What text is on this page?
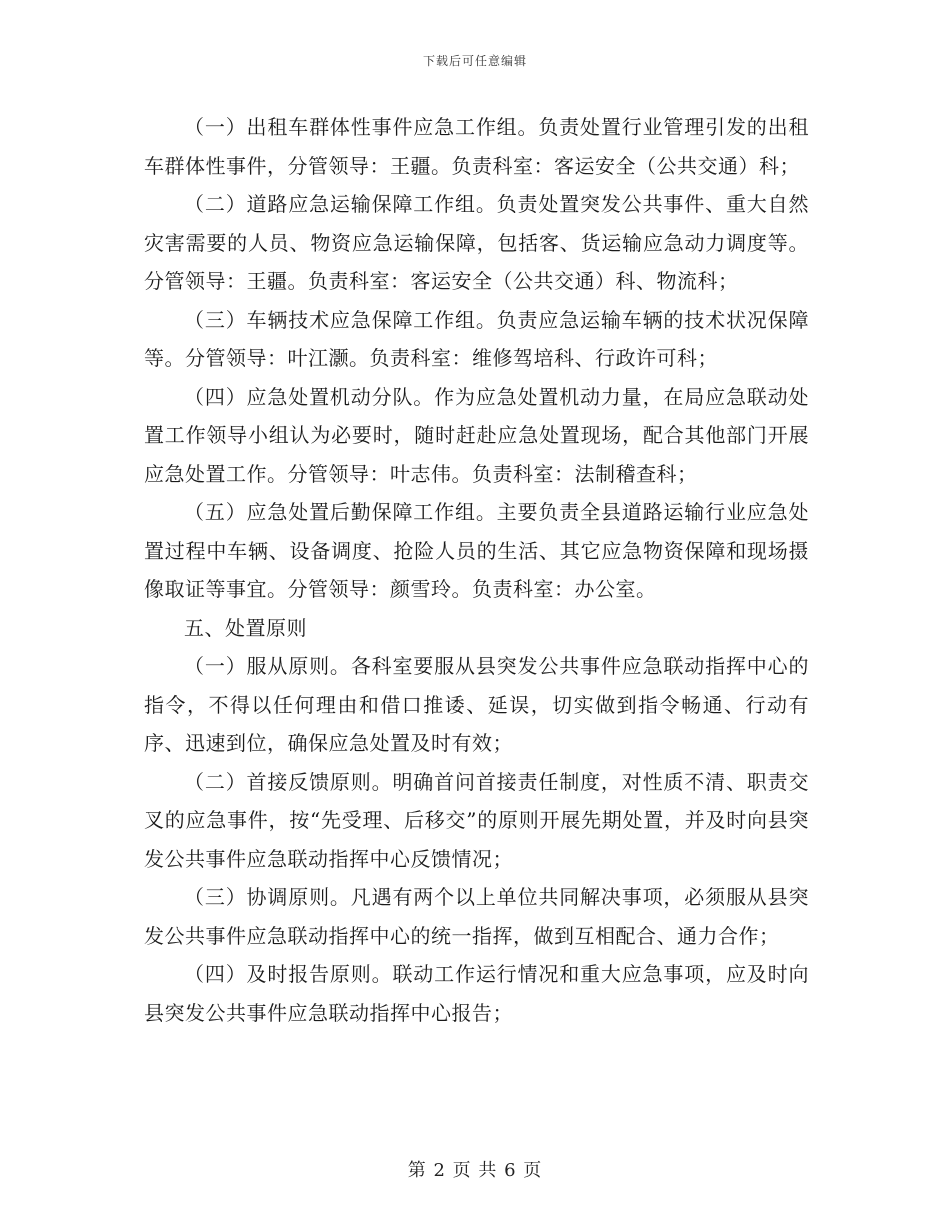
下载后可任意编辑

（一）出租车群体性事件应急工作组。负责处置行业管理引发的出租车群体性事件，分管领导：王疆。负责科室：客运安全（公共交通）科；

（二）道路应急运输保障工作组。负责处置突发公共事件、重大自然灾害需要的人员、物资应急运输保障，包括客、货运输应急动力调度等。分管领导：王疆。负责科室：客运安全（公共交通）科、物流科；

（三）车辆技术应急保障工作组。负责应急运输车辆的技术状况保障等。分管领导：叶江灏。负责科室：维修驾培科、行政许可科；

（四）应急处置机动分队。作为应急处置机动力量，在局应急联动处置工作领导小组认为必要时，随时赶赴应急处置现场，配合其他部门开展应急处置工作。分管领导：叶志伟。负责科室：法制稽查科；

（五）应急处置后勤保障工作组。主要负责全县道路运输行业应急处置过程中车辆、设备调度、抢险人员的生活、其它应急物资保障和现场摄像取证等事宜。分管领导：颜雪玲。负责科室：办公室。

五、处置原则

（一）服从原则。各科室要服从县突发公共事件应急联动指挥中心的指令，不得以任何理由和借口推诿、延误，切实做到指令畅通、行动有序、迅速到位，确保应急处置及时有效；

（二）首接反馈原则。明确首问首接责任制度，对性质不清、职责交叉的应急事件，按“先受理、后移交”的原则开展先期处置，并及时向县突发公共事件应急联动指挥中心反馈情况；

（三）协调原则。凡遇有两个以上单位共同解决事项，必须服从县突发公共事件应急联动指挥中心的统一指挥，做到互相配合、通力合作；

（四）及时报告原则。联动工作运行情况和重大应急事项，应及时向县突发公共事件应急联动指挥中心报告；

第 2 页 共 6 页
